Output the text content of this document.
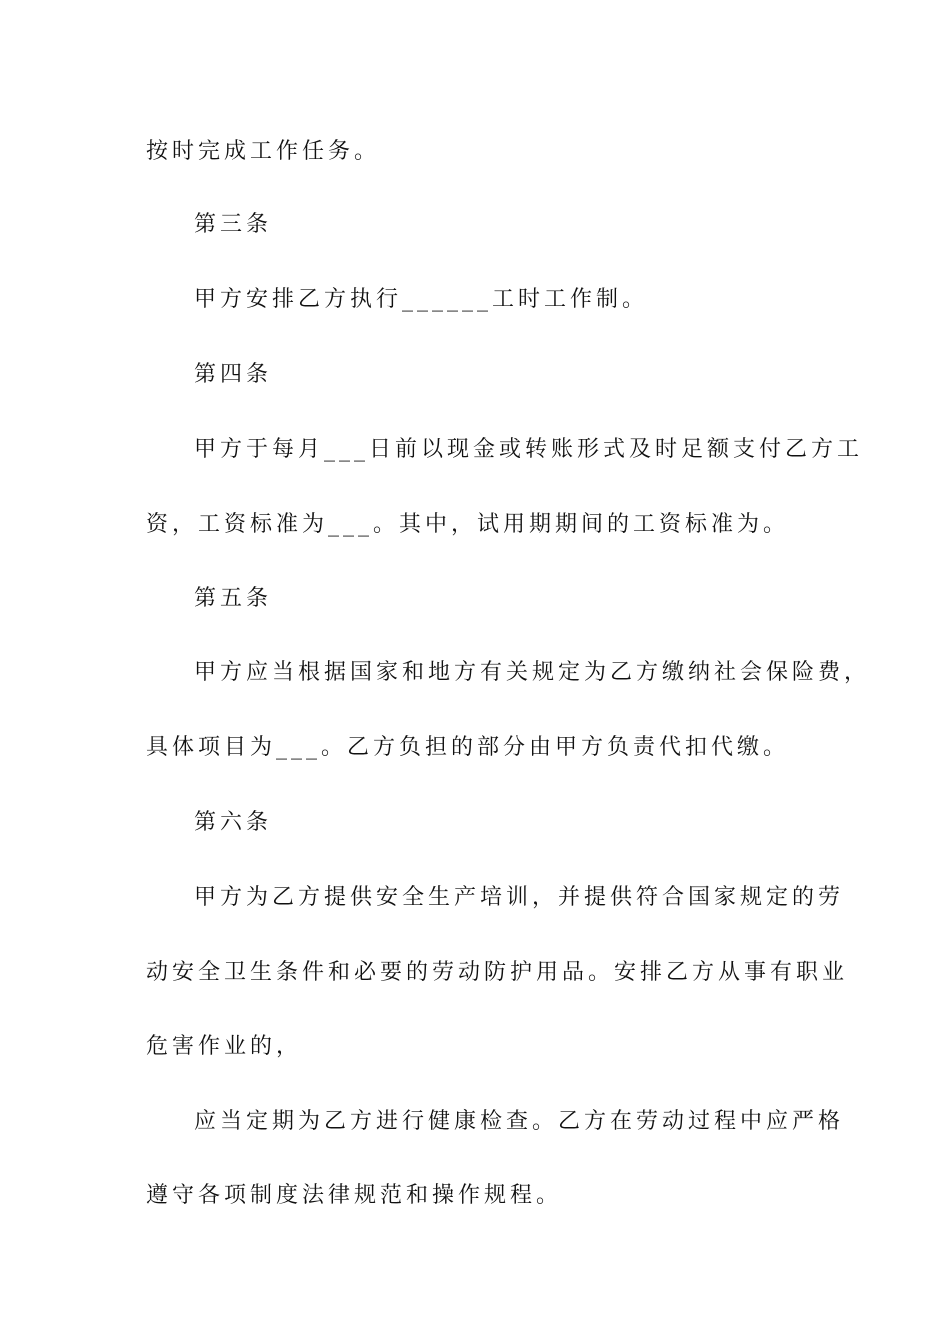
按时完成工作任务。
第三条
甲方安排乙方执行______工时工作制。
第四条
甲方于每月___日前以现金或转账形式及时足额支付乙方工
资，工资标准为___。其中，试用期期间的工资标准为。
第五条
甲方应当根据国家和地方有关规定为乙方缴纳社会保险费，
具体项目为___。乙方负担的部分由甲方负责代扣代缴。
第六条
甲方为乙方提供安全生产培训，并提供符合国家规定的劳
动安全卫生条件和必要的劳动防护用品。安排乙方从事有职业
危害作业的，
应当定期为乙方进行健康检查。乙方在劳动过程中应严格
遵守各项制度法律规范和操作规程。
